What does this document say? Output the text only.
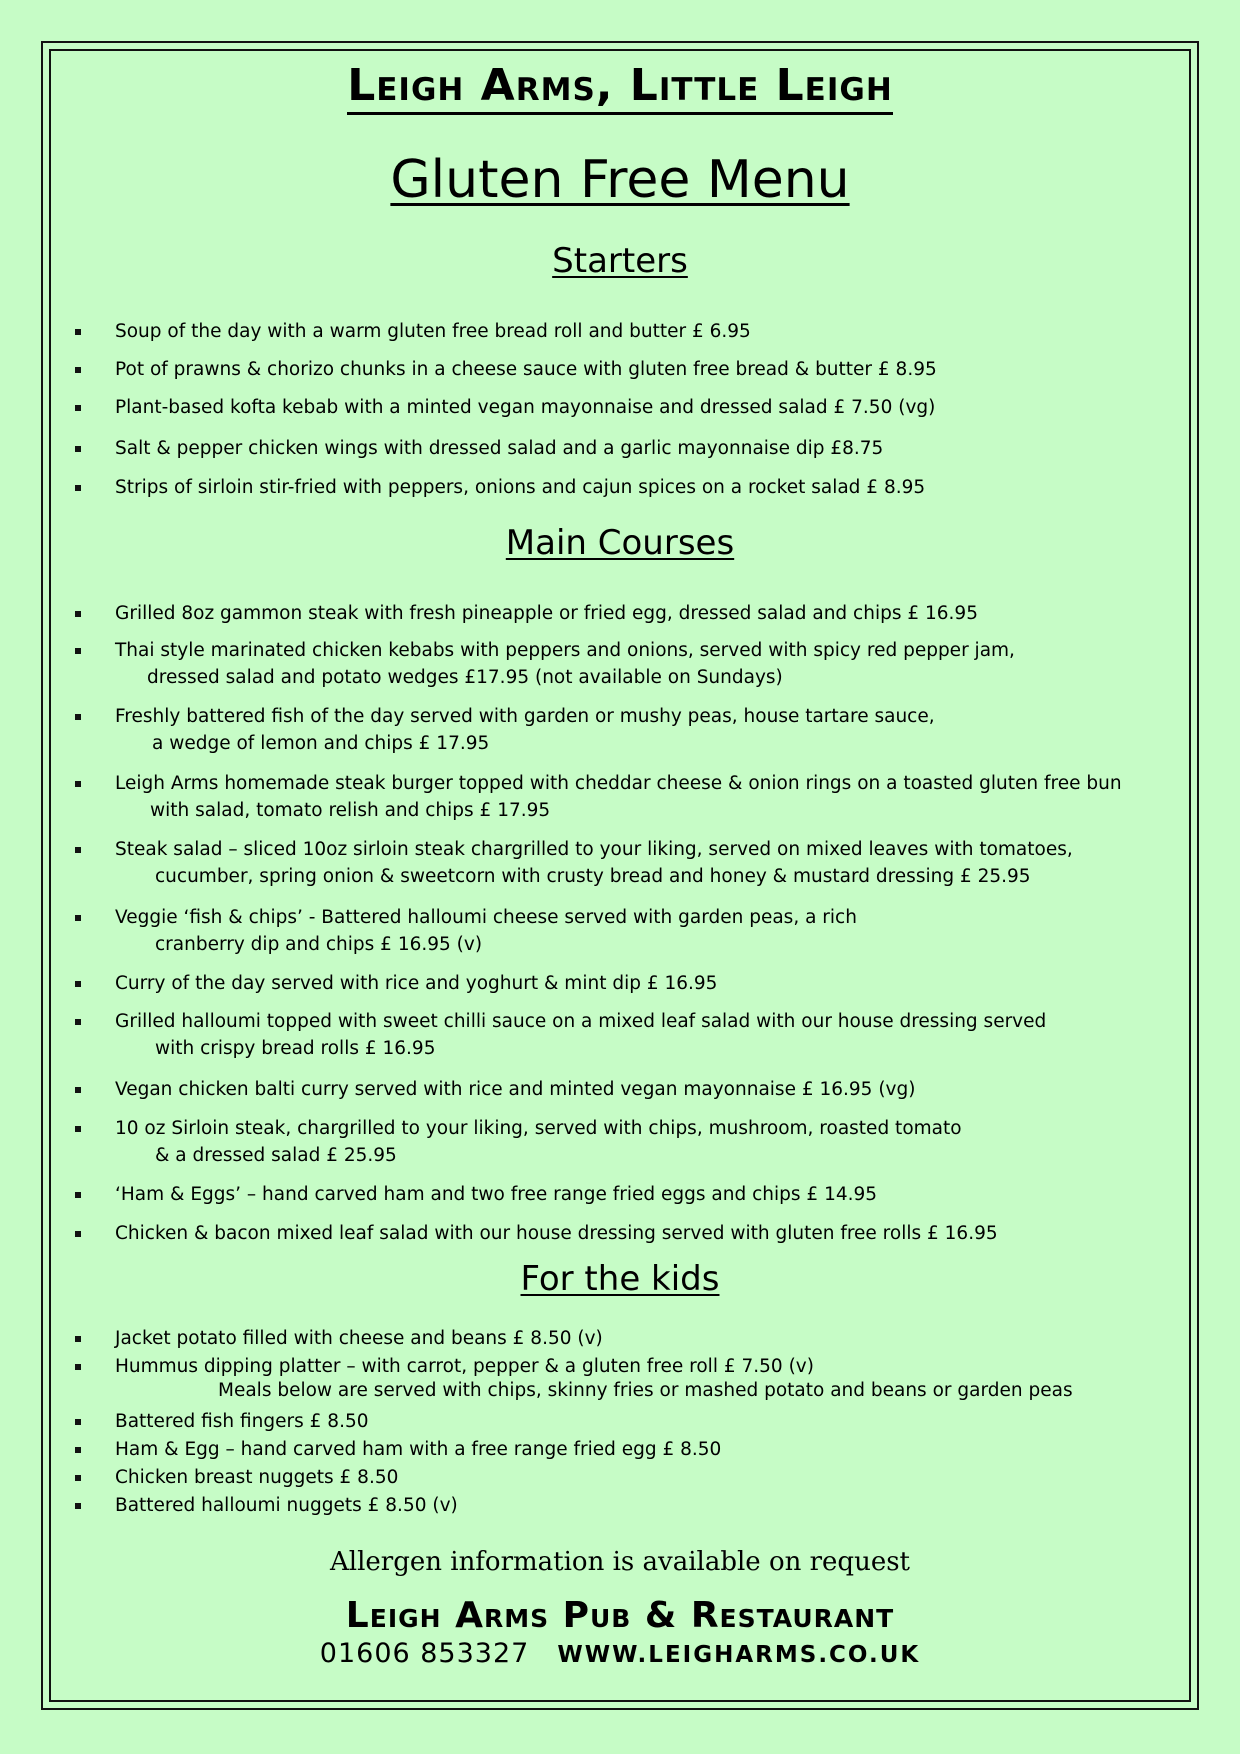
Leigh Arms, Little Leigh
Gluten Free Menu
Starters
Soup of the day with a warm gluten free bread roll and butter £ 6.95
Pot of prawns & chorizo chunks in a cheese sauce with gluten free bread & butter £ 8.95
Plant-based kofta kebab with a minted vegan mayonnaise and dressed salad £ 7.50 (vg)
Salt & pepper chicken wings with dressed salad and a garlic mayonnaise dip £8.75
Strips of sirloin stir-fried with peppers, onions and cajun spices on a rocket salad £ 8.95
Main Courses
Grilled 8oz gammon steak with fresh pineapple or fried egg, dressed salad and chips £ 16.95
Thai style marinated chicken kebabs with peppers and onions, served with spicy red pepper jam,
dressed salad and potato wedges £17.95 (not available on Sundays)
Freshly battered fish of the day served with garden or mushy peas, house tartare sauce,
a wedge of lemon and chips £ 17.95
Leigh Arms homemade steak burger topped with cheddar cheese & onion rings on a toasted gluten free bun
with salad, tomato relish and chips £ 17.95
Steak salad – sliced 10oz sirloin steak chargrilled to your liking, served on mixed leaves with tomatoes,
cucumber, spring onion & sweetcorn with crusty bread and honey & mustard dressing £ 25.95
Veggie ‘fish & chips’ - Battered halloumi cheese served with garden peas, a rich
cranberry dip and chips £ 16.95 (v)
Curry of the day served with rice and yoghurt & mint dip £ 16.95
Grilled halloumi topped with sweet chilli sauce on a mixed leaf salad with our house dressing served
with crispy bread rolls £ 16.95
Vegan chicken balti curry served with rice and minted vegan mayonnaise £ 16.95 (vg)
10 oz Sirloin steak, chargrilled to your liking, served with chips, mushroom, roasted tomato
& a dressed salad £ 25.95
‘Ham & Eggs’ – hand carved ham and two free range fried eggs and chips £ 14.95
Chicken & bacon mixed leaf salad with our house dressing served with gluten free rolls £ 16.95
For the kids
Jacket potato filled with cheese and beans £ 8.50 (v)
Hummus dipping platter – with carrot, pepper & a gluten free roll £ 7.50 (v)
Meals below are served with chips, skinny fries or mashed potato and beans or garden peas
Battered fish fingers £ 8.50
Ham & Egg – hand carved ham with a free range fried egg £ 8.50
Chicken breast nuggets £ 8.50
Battered halloumi nuggets £ 8.50 (v)
Allergen information is available on request
Leigh Arms Pub & Restaurant
01606 853327 WWW.LEIGHARMS.CO.UK
